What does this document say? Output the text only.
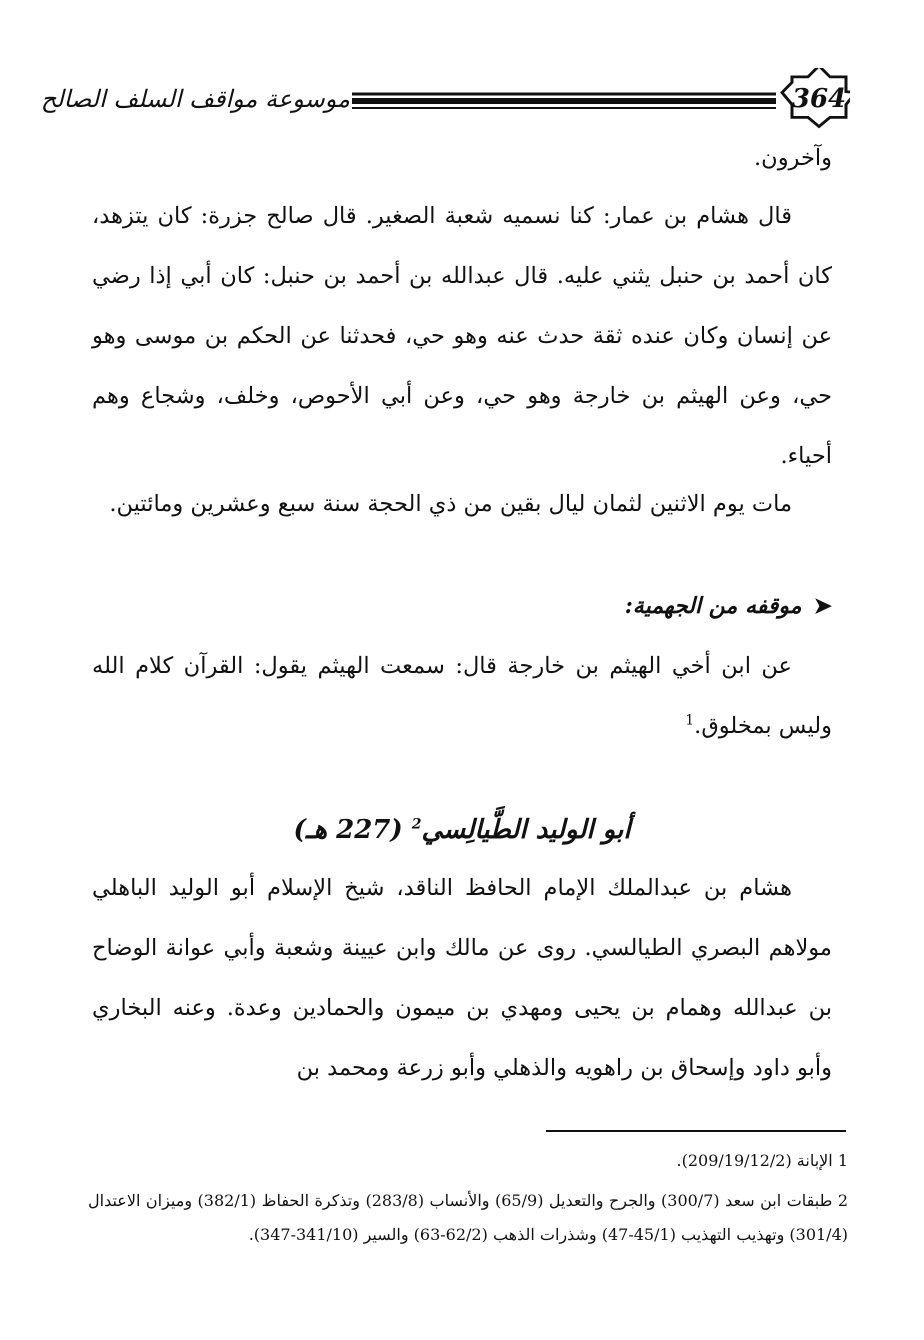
364
موسوعة مواقف السلف الصالح

وآخرون.

قال هشام بن عمار: كنا نسميه شعبة الصغير. قال صالح جزرة: كان يتزهد، كان أحمد بن حنبل يثني عليه. قال عبدالله بن أحمد بن حنبل: كان أبي إذا رضي عن إنسان وكان عنده ثقة حدث عنه وهو حي، فحدثنا عن الحكم بن موسى وهو حي، وعن الهيثم بن خارجة وهو حي، وعن أبي الأحوص، وخلف، وشجاع وهم أحياء.

مات يوم الاثنين لثمان ليال بقين من ذي الحجة سنة سبع وعشرين ومائتين.

➤موقفه من الجهمية:

عن ابن أخي الهيثم بن خارجة قال: سمعت الهيثم يقول: القرآن كلام الله وليس بمخلوق.$^1$

أبو الوليد الطَّيالِسي$^2$ (227 هـ)

هشام بن عبدالملك الإمام الحافظ الناقد، شيخ الإسلام أبو الوليد الباهلي مولاهم البصري الطيالسي. روى عن مالك وابن عيينة وشعبة وأبي عوانة الوضاح بن عبدالله وهمام بن يحيى ومهدي بن ميمون والحمادين وعدة. وعنه البخاري وأبو داود وإسحاق بن راهويه والذهلي وأبو زرعة ومحمد بن

1 الإبانة (209/19/12/2).

2 طبقات ابن سعد (300/7) والجرح والتعديل (65/9) والأنساب (283/8) وتذكرة الحفاظ (382/1) وميزان الاعتدال (301/4) وتهذيب التهذيب (45/1-47) وشذرات الذهب (62/2-63) والسير (341/10-347).
